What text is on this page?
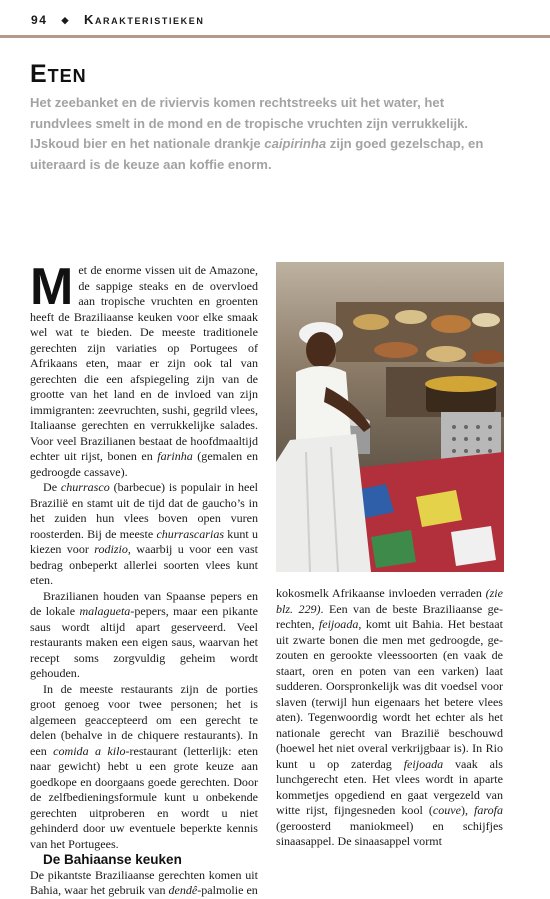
94 ◆ Karakteristieken
Eten

Het zeebanket en de riviervis komen rechtstreeks uit het water, het rundvlees smelt in de mond en de tropische vruchten zijn verrukkelijk. IJskoud bier en het nationale drankje caipirinha zijn goed gezelschap, en uiteraard is de keuze aan koffie enorm.

Met de enorme vissen uit de Amazone, de sappige steaks en de overvloed aan tropische vruchten en groenten heeft de Braziliaanse keuken voor elke smaak wel wat te bieden. De meeste traditionele gerechten zijn variaties op Portugees of Afrikaans eten, maar er zijn ook tal van gerechten die een afspiegeling zijn van de grootte van het land en de invloed van zijn immigranten: zeevruchten, sushi, gegrild vlees, Italiaanse gerechten en verrukkelijke salades. Voor veel Brazilianen bestaat de hoofdmaaltijd echter uit rijst, bonen en farinha (gemalen en gedroogde cassave).

De churrasco (barbecue) is populair in heel Brazilië en stamt uit de tijd dat de gaucho’s in het zuiden hun vlees boven open vuren roosterden. Bij de meeste churrascarias kunt u kiezen voor rodizio, waarbij u voor een vast bedrag onbeperkt allerlei soorten vlees kunt eten.

Brazilianen houden van Spaanse pepers en de lokale malagueta-pepers, maar een pikante saus wordt altijd apart geserveerd. Veel restaurants maken een eigen saus, waarvan het recept soms zorgvuldig geheim wordt gehouden.

In de meeste restaurants zijn de porties groot genoeg voor twee personen; het is algemeen geaccepteerd om een gerecht te delen (behalve in de chiquere restaurants). In een comida a kilo-restaurant (letterlijk: eten naar gewicht) hebt u een grote keuze aan goedkope en doorgaans goede gerechten. Door de zelfbedieningsformule kunt u onbekende gerechten uitproberen en wordt u niet gehinderd door uw eventuele beperkte kennis van het Portugees.

De Bahiaanse keuken

De pikantste Braziliaanse gerechten komen uit Bahia, waar het gebruik van dendê-palmolie en

kokosmelk Afrikaanse invloeden verraden (zie blz. 229). Een van de beste Braziliaanse gerechten, feijoada, komt uit Bahia. Het bestaat uit zwarte bonen die men met gedroogde, gezouten en gerookte vleessoorten (en vaak de staart, oren en poten van een varken) laat sudderen. Oorspronkelijk was dit voedsel voor slaven (terwijl hun eigenaars het betere vlees aten). Tegenwoordig wordt het echter als het nationale gerecht van Brazilië beschouwd (hoewel het niet overal verkrijgbaar is). In Rio kunt u op zaterdag feijoada vaak als lunchgerecht eten. Het vlees wordt in aparte kommetjes opgediend en gaat vergezeld van witte rijst, fijngesneden kool (couve), farofa (geroosterd maniokmeel) en schijfjes sinaasappel. De sinaasappel vormt
